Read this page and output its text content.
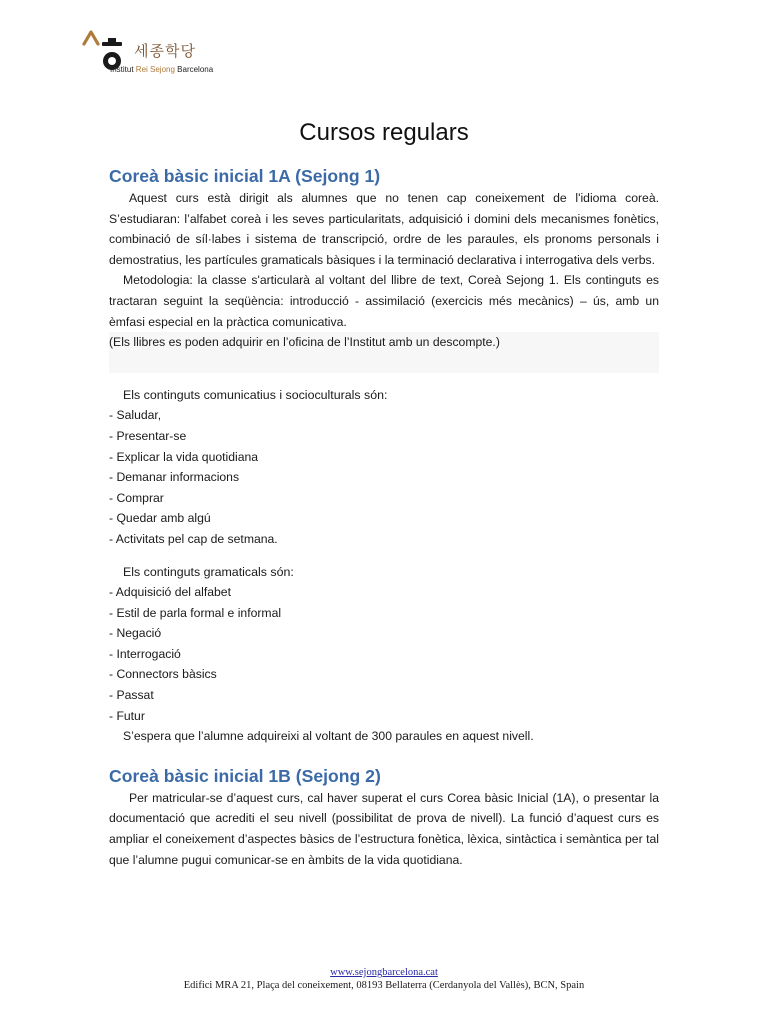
세종학당
Institut Rei Sejong Barcelona
Cursos regulars
Coreà bàsic inicial 1A (Sejong 1)

Aquest curs està dirigit als alumnes que no tenen cap coneixement de l'idioma coreà. S’estudiaran: l’alfabet coreà i les seves particularitats, adquisició i domini dels mecanismes fonètics, combinació de síl·labes i sistema de transcripció, ordre de les paraules, els pronoms personals i demostratius, les partícules gramaticals bàsiques i la terminació declarativa i interrogativa dels verbs.

Metodologia: la classe s'articularà al voltant del llibre de text, Coreà Sejong 1. Els continguts es tractaran seguint la seqüència: introducció - assimilació (exercicis més mecànics) – ús, amb un èmfasi especial en la pràctica comunicativa.

(Els llibres es poden adquirir en l’oficina de l’Institut amb un descompte.)

Els continguts comunicatius i socioculturals són:
- Saludar,
- Presentar-se
- Explicar la vida quotidiana
- Demanar informacions
- Comprar
- Quedar amb algú
- Activitats pel cap de setmana.
Els continguts gramaticals són:
- Adquisició del alfabet
- Estil de parla formal e informal
- Negació
- Interrogació
- Connectors bàsics
- Passat
- Futur

S’espera que l’alumne adquireixi al voltant de 300 paraules en aquest nivell.

Coreà bàsic inicial 1B (Sejong 2)

Per matricular-se d’aquest curs, cal haver superat el curs Corea bàsic Inicial (1A), o presentar la documentació que acrediti el seu nivell (possibilitat de prova de nivell). La funció d’aquest curs es ampliar el coneixement d’aspectes bàsics de l’estructura fonètica, lèxica, sintàctica i semàntica per tal que l’alumne pugui comunicar-se en àmbits de la vida quotidiana.

www.sejongbarcelona.cat
Edifici MRA 21, Plaça del coneixement, 08193 Bellaterra (Cerdanyola del Vallès), BCN, Spain
